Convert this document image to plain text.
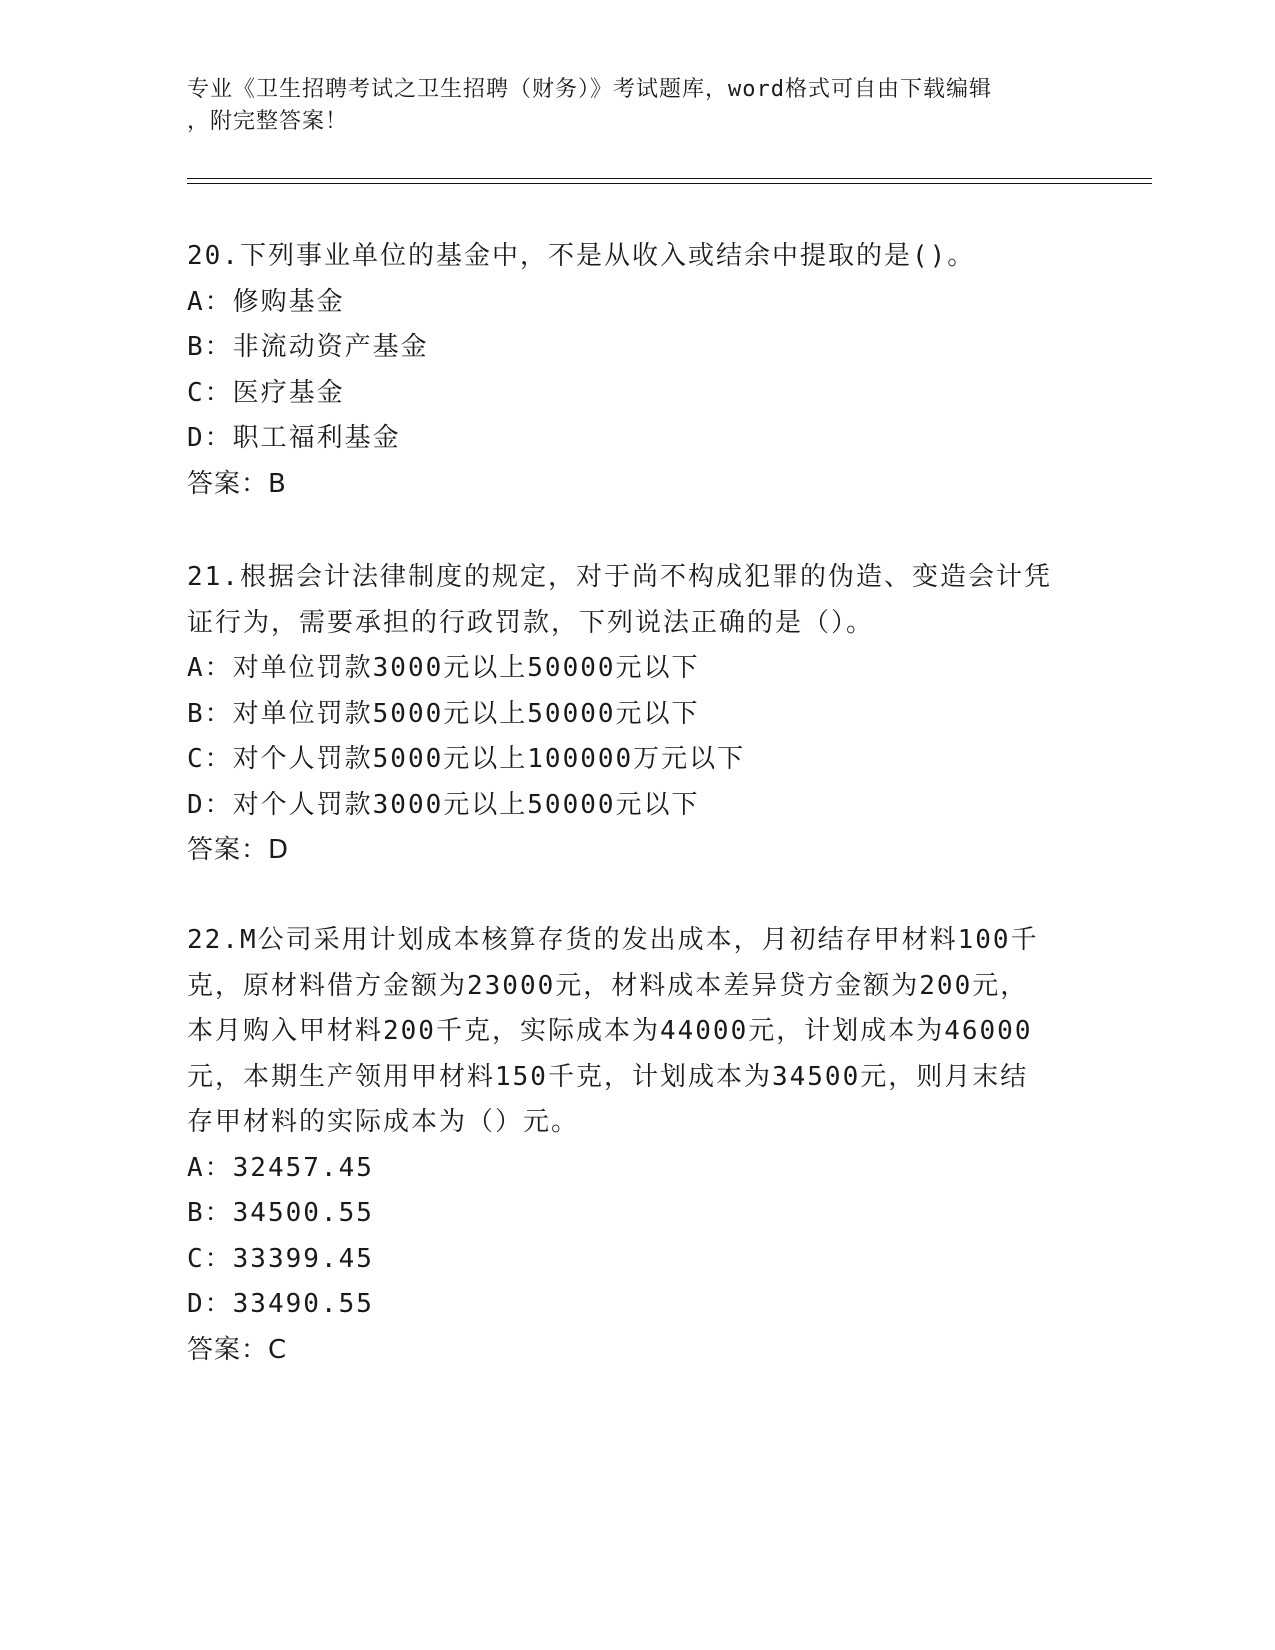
专业《卫生招聘考试之卫生招聘（财务）》考试题库，word格式可自由下载编辑
，附完整答案！

20.下列事业单位的基金中，不是从收入或结余中提取的是()。

A：修购基金

B：非流动资产基金

C：医疗基金

D：职工福利基金

答案：B

21.根据会计法律制度的规定，对于尚不构成犯罪的伪造、变造会计凭

证行为，需要承担的行政罚款，下列说法正确的是（）。

A：对单位罚款3000元以上50000元以下

B：对单位罚款5000元以上50000元以下

C：对个人罚款5000元以上100000万元以下

D：对个人罚款3000元以上50000元以下

答案：D

22.M公司采用计划成本核算存货的发出成本，月初结存甲材料100千

克，原材料借方金额为23000元，材料成本差异贷方金额为200元，

本月购入甲材料200千克，实际成本为44000元，计划成本为46000

元，本期生产领用甲材料150千克，计划成本为34500元，则月末结

存甲材料的实际成本为（）元。

A：32457.45

B：34500.55

C：33399.45

D：33490.55

答案：C
